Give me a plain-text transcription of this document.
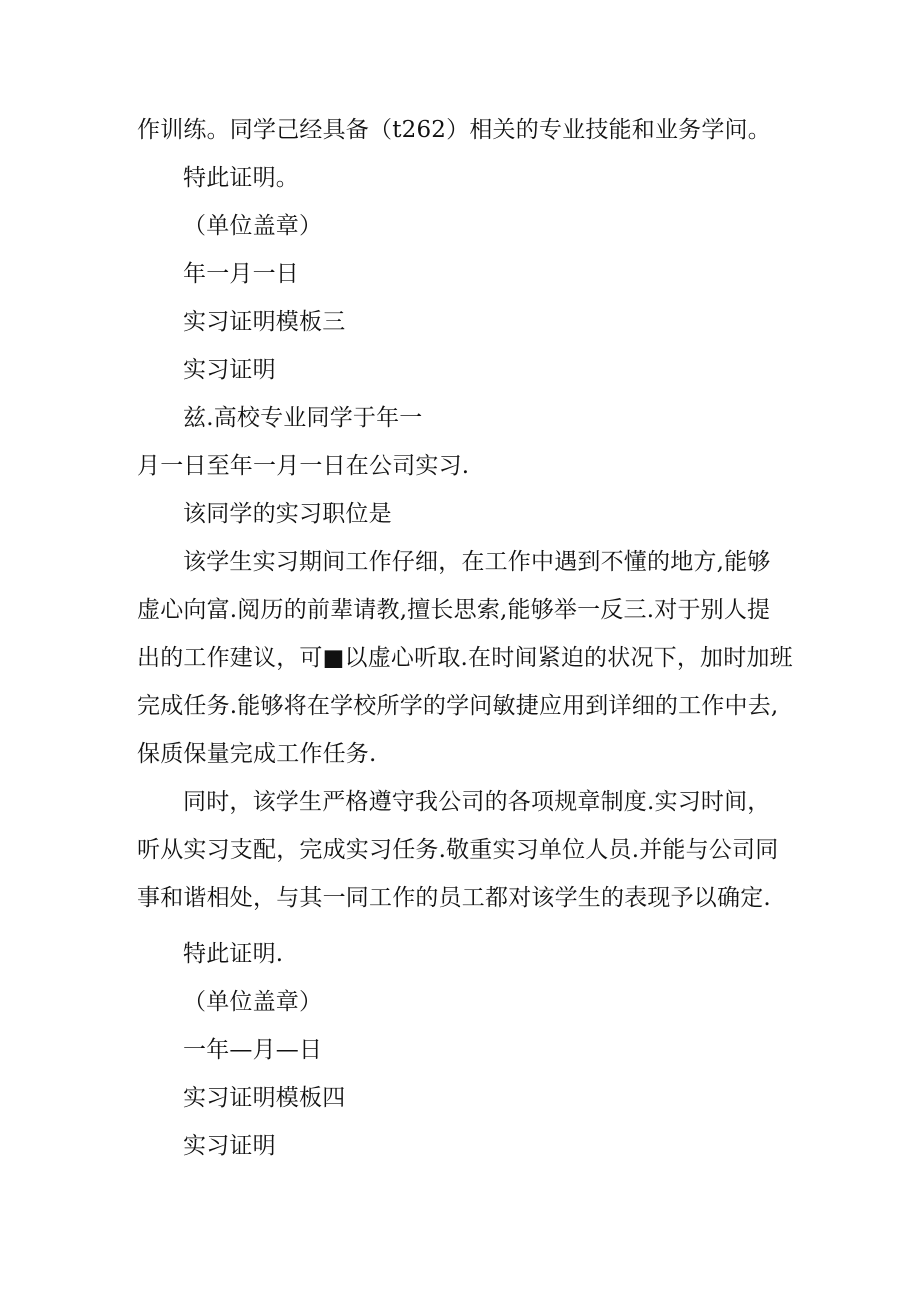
作训练。同学己经具备（t262）相关的专业技能和业务学问。
特此证明。
（单位盖章）
年一月一日
实习证明模板三
实习证明
兹.高校专业同学于年一
月一日至年一月一日在公司实习.
该同学的实习职位是
该学生实习期间工作仔细，在工作中遇到不懂的地方,能够
虚心向富.阅历的前辈请教,擅长思索,能够举一反三.对于别人提
出的工作建议，可■以虚心听取.在时间紧迫的状况下，加时加班
完成任务.能够将在学校所学的学问敏捷应用到详细的工作中去,
保质保量完成工作任务.
同时，该学生严格遵守我公司的各项规章制度.实习时间，
听从实习支配，完成实习任务.敬重实习单位人员.并能与公司同
事和谐相处，与其一同工作的员工都对该学生的表现予以确定.
特此证明.
（单位盖章）
一年—月—日
实习证明模板四
实习证明
